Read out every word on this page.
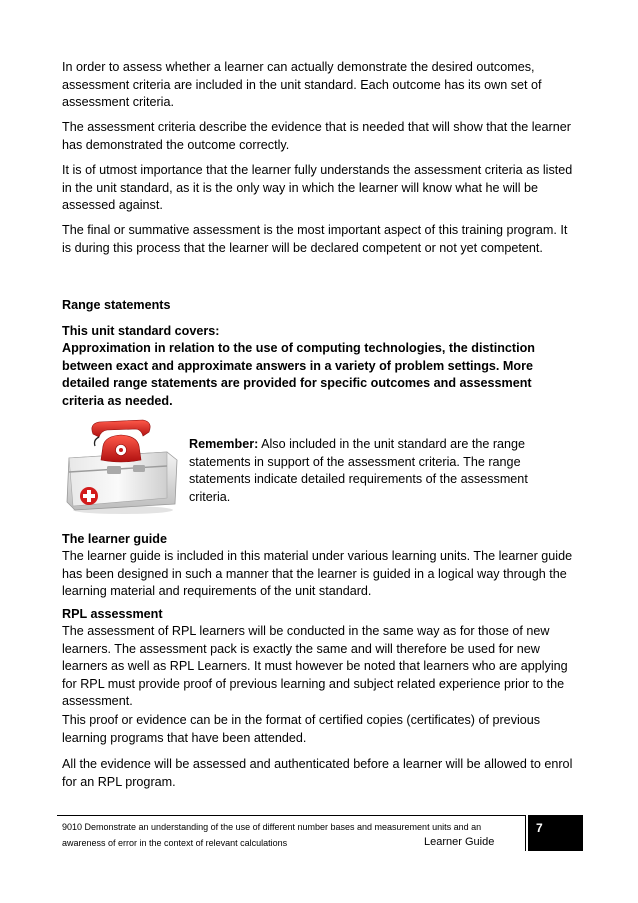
In order to assess whether a learner can actually demonstrate the desired outcomes, assessment criteria are included in the unit standard. Each outcome has its own set of assessment criteria.
The assessment criteria describe the evidence that is needed that will show that the learner has demonstrated the outcome correctly.
It is of utmost importance that the learner fully understands the assessment criteria as listed in the unit standard, as it is the only way in which the learner will know what he will be assessed against.
The final or summative assessment is the most important aspect of this training program. It is during this process that the learner will be declared competent or not yet competent.
Range statements
This unit standard covers:
Approximation in relation to the use of computing technologies, the distinction between exact and approximate answers in a variety of problem settings. More detailed range statements are provided for specific outcomes and assessment criteria as needed.
Remember: Also included in the unit standard are the range statements in support of the assessment criteria. The range statements indicate detailed requirements of the assessment criteria.
The learner guide
The learner guide is included in this material under various learning units. The learner guide has been designed in such a manner that the learner is guided in a logical way through the learning material and requirements of the unit standard.
RPL assessment
The assessment of RPL learners will be conducted in the same way as for those of new learners. The assessment pack is exactly the same and will therefore be used for new learners as well as RPL Learners. It must however be noted that learners who are applying for RPL must provide proof of previous learning and subject related experience prior to the assessment.
This proof or evidence can be in the format of certified copies (certificates) of previous learning programs that have been attended.
All the evidence will be assessed and authenticated before a learner will be allowed to enrol for an RPL program.
9010 Demonstrate an understanding of the use of different number bases and measurement units and an
awareness of error in the context of relevant calculations	Learner Guide
7
